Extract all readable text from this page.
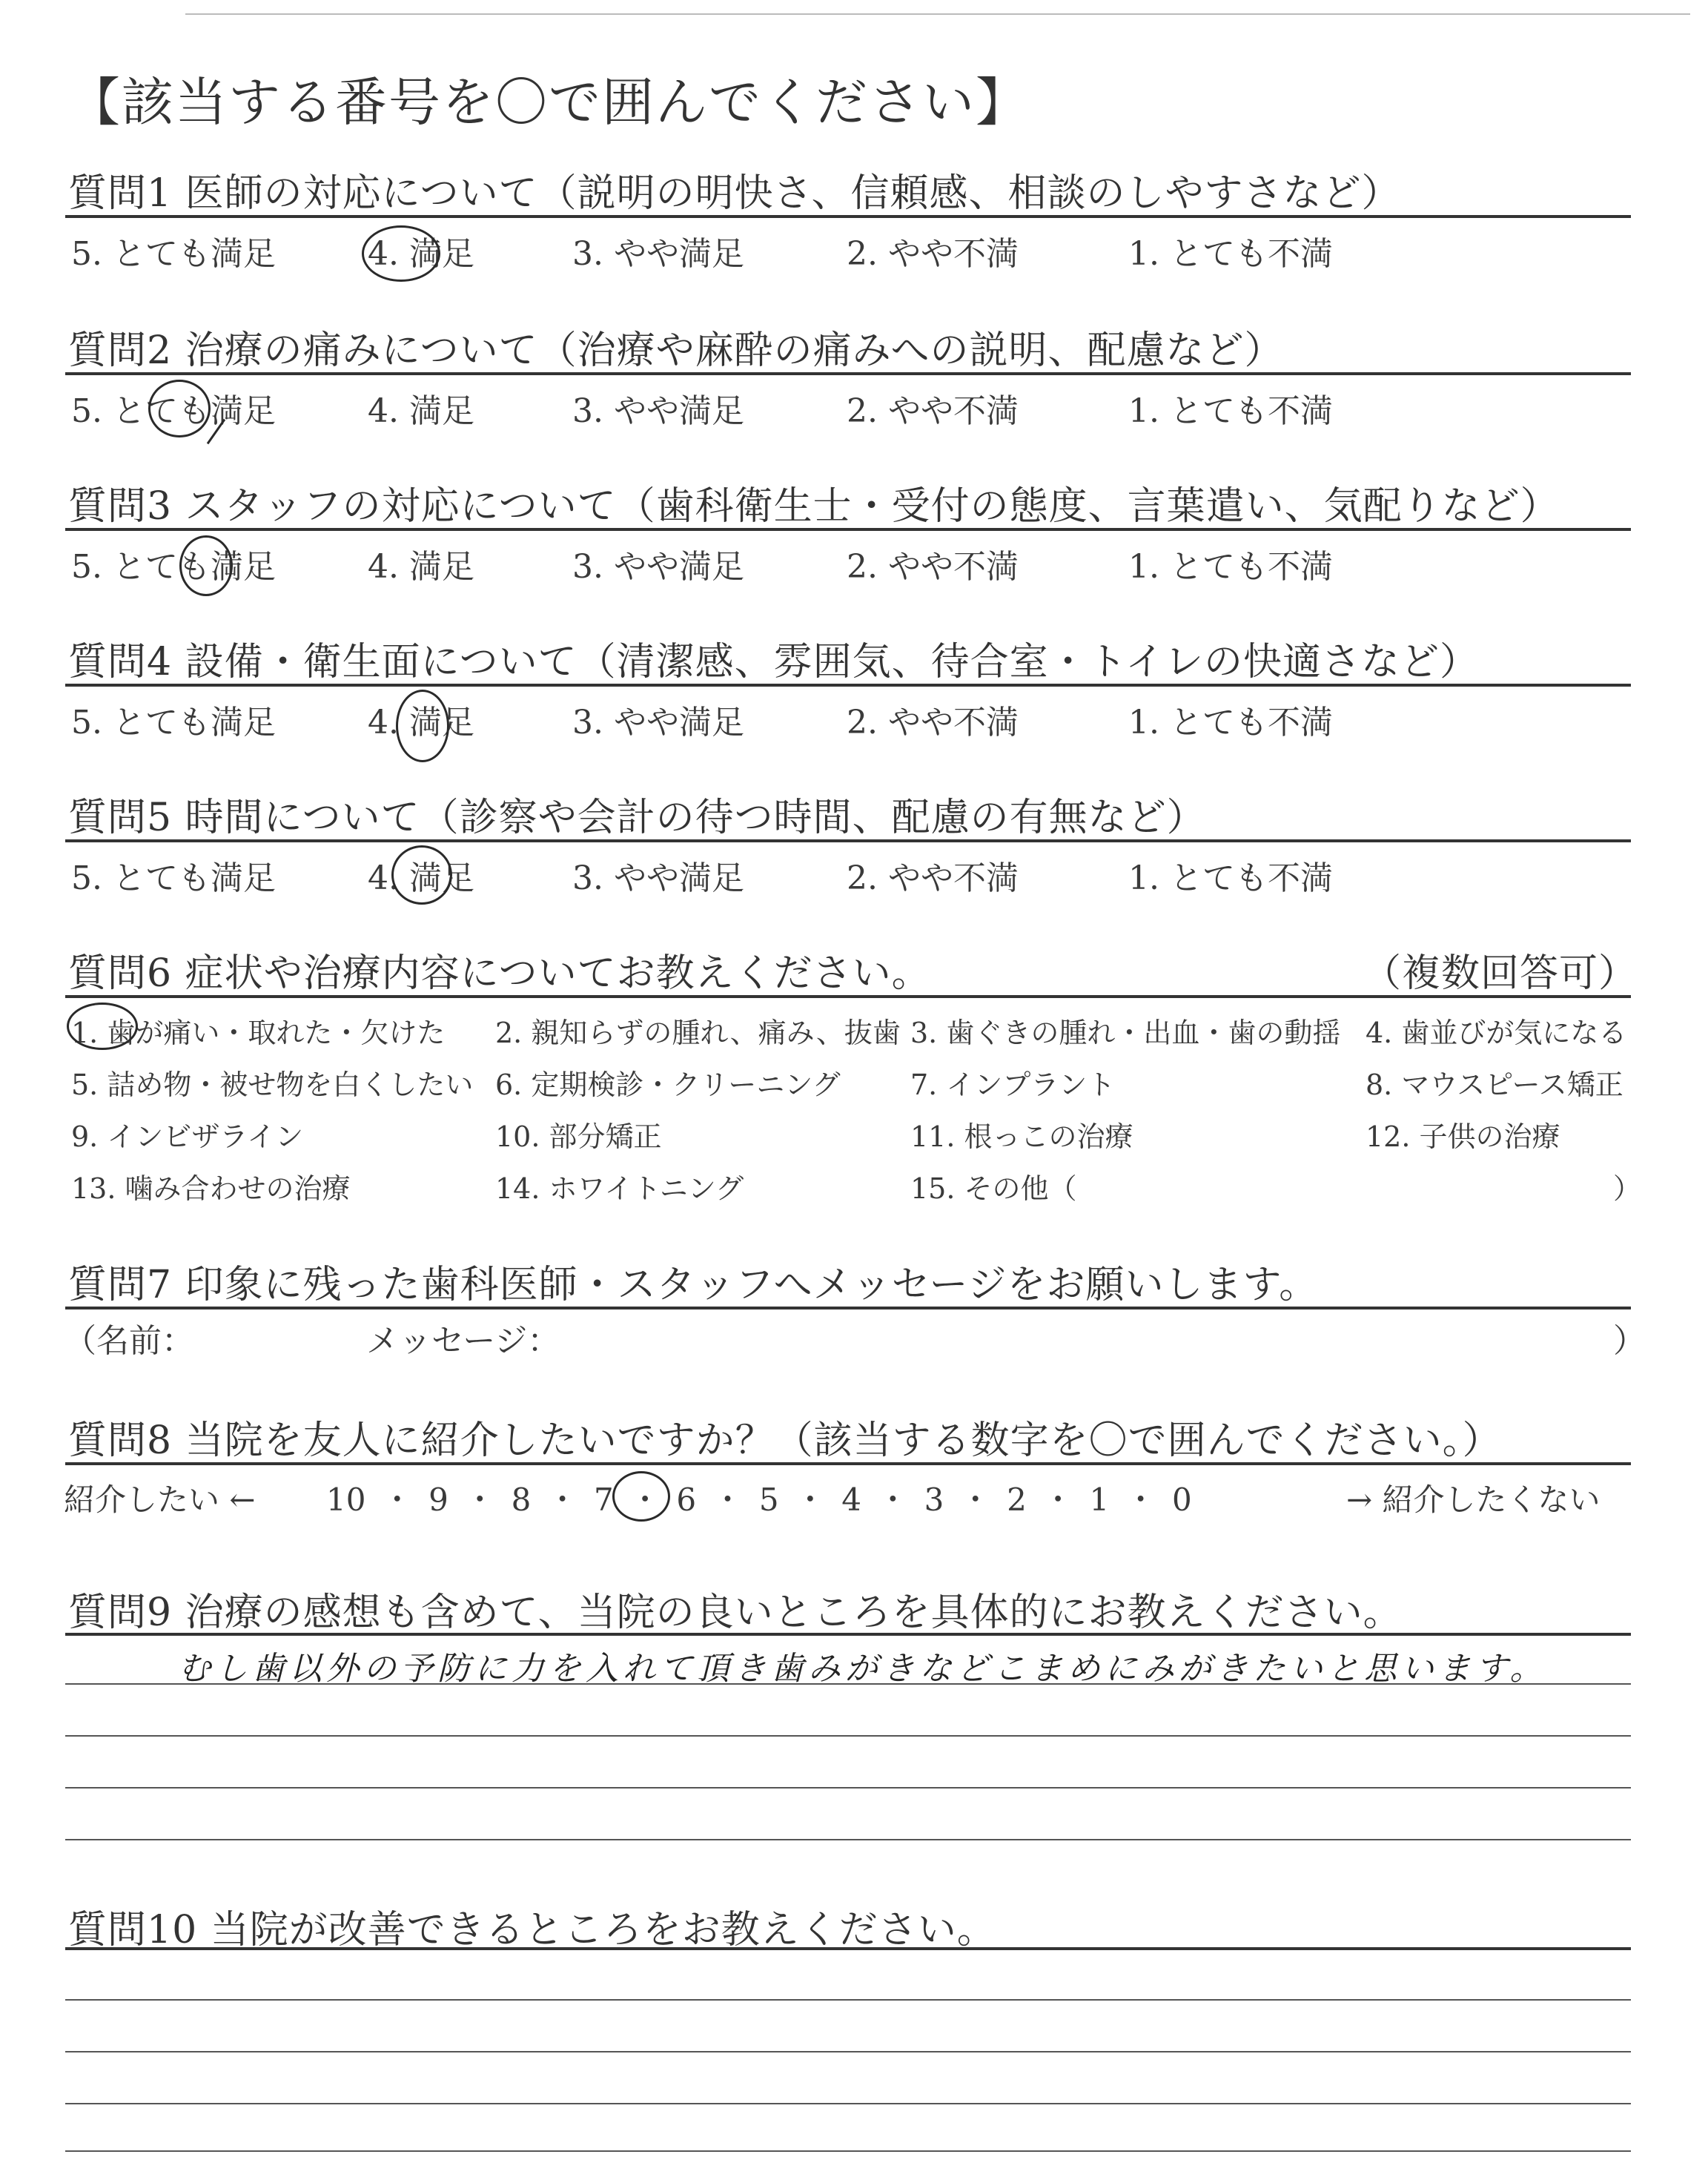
【該当する番号を〇で囲んでください】
質問1 医師の対応について（説明の明快さ、信頼感、相談のしやすさなど）
5. とても満足	4. 満足	3. やや満足	2. やや不満	1. とても不満
質問2 治療の痛みについて（治療や麻酔の痛みへの説明、配慮など）
5. とても満足	4. 満足	3. やや満足	2. やや不満	1. とても不満
質問3 スタッフの対応について（歯科衛生士・受付の態度、言葉遣い、気配りなど）
5. とても満足	4. 満足	3. やや満足	2. やや不満	1. とても不満
質問4 設備・衛生面について（清潔感、雰囲気、待合室・トイレの快適さなど）
5. とても満足	4. 満足	3. やや満足	2. やや不満	1. とても不満
質問5 時間について（診察や会計の待つ時間、配慮の有無など）
5. とても満足	4. 満足	3. やや満足	2. やや不満	1. とても不満
質問6 症状や治療内容についてお教えください。	（複数回答可）
1. 歯が痛い・取れた・欠けた 2. 親知らずの腫れ、痛み、抜歯 3. 歯ぐきの腫れ・出血・歯の動揺 4. 歯並びが気になる
5. 詰め物・被せ物を白くしたい 6. 定期検診・クリーニング 7. インプラント	8. マウスピース矯正
9. インビザライン	10. 部分矯正	11. 根っこの治療	12. 子供の治療
13. 噛み合わせの治療	14. ホワイトニング	15. その他（	）
質問7 印象に残った歯科医師・スタッフへメッセージをお願いします。
（名前：	メッセージ：	）
質問8 当院を友人に紹介したいですか？（該当する数字を〇で囲んでください。）
紹介したい ← 10 ・ 9 ・ 8 ・ 7 ・ 6 ・ 5 ・ 4 ・ 3 ・ 2 ・ 1 ・ 0	→ 紹介したくない
質問9 治療の感想も含めて、当院の良いところを具体的にお教えください。
むし歯以外の予防に力を入れて頂き歯みがきなどこまめにみがきたいと思います。
質問10 当院が改善できるところをお教えください。
